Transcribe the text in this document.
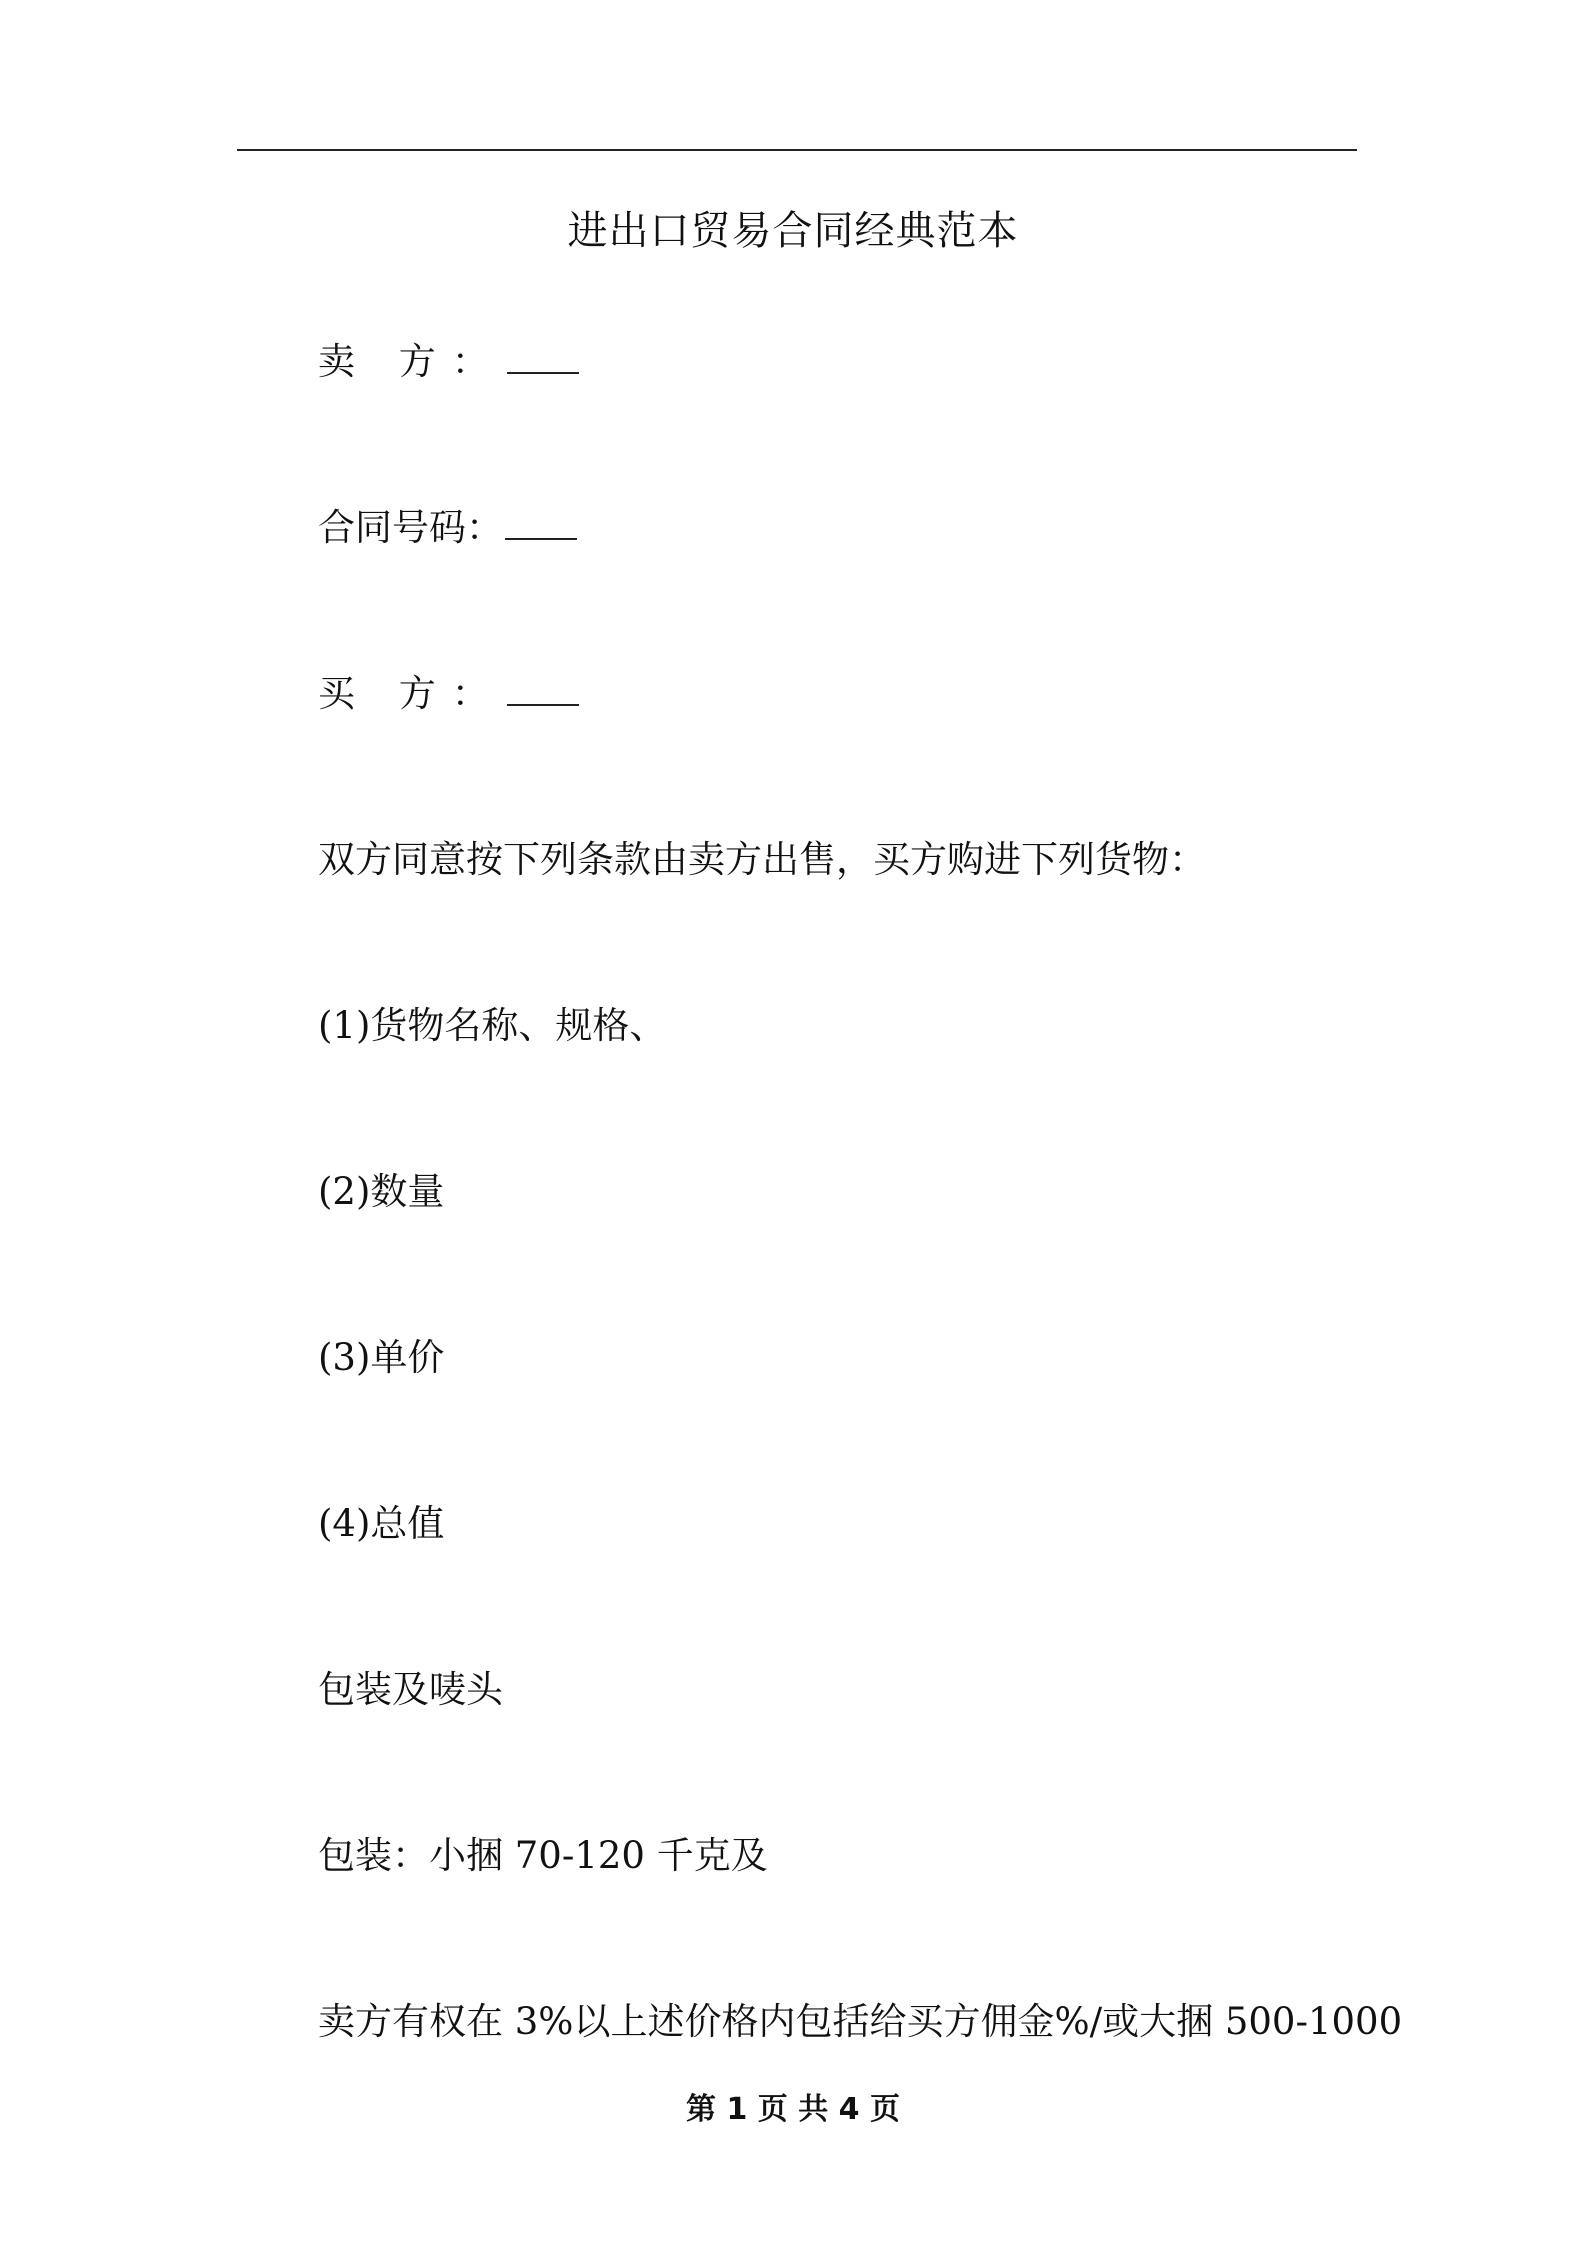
进出口贸易合同经典范本

卖 方：

合同号码：

买 方：

双方同意按下列条款由卖方出售，买方购进下列货物：

(1)货物名称、规格、

(2)数量

(3)单价

(4)总值

包装及唛头

包装：小捆 70-120 千克及

卖方有权在 3%以上述价格内包括给买方佣金%/或大捆 500-1000

第 1 页 共 4 页
